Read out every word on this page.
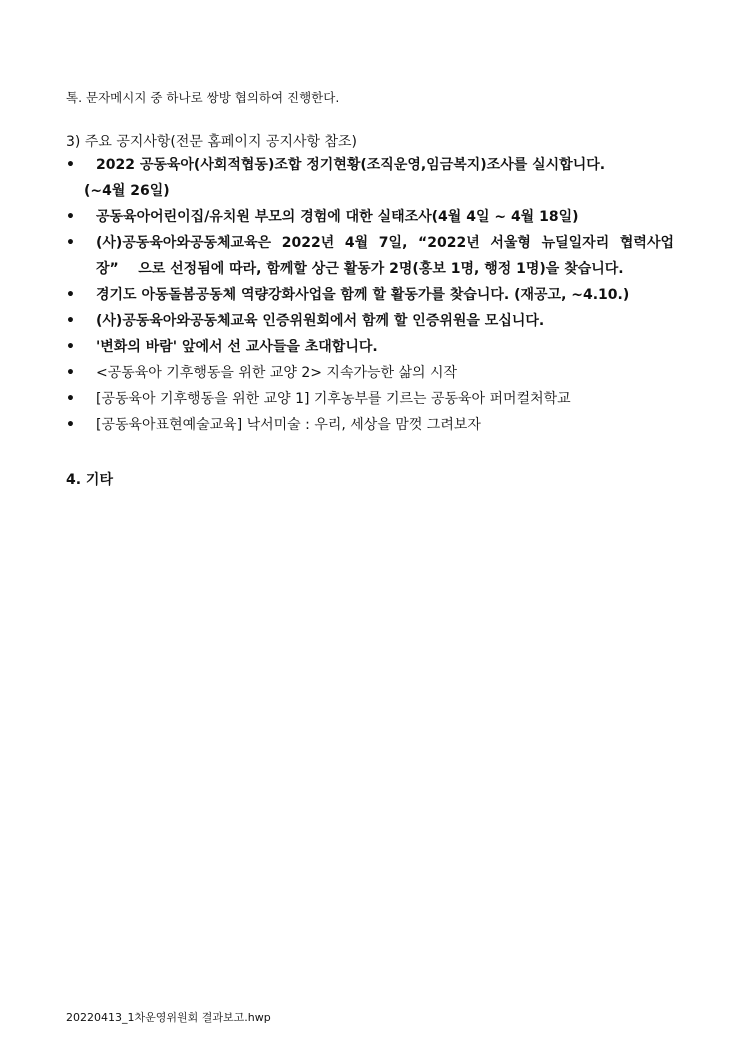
톡. 문자메시지 중 하나로 쌍방 협의하여 진행한다.
3) 주요 공지사항(전문 홈페이지 공지사항 참조)
• 2022 공동육아(사회적협동)조합 정기현황(조직운영,임금복지)조사를 실시합니다.
(~4월 26일)
• 공동육아어린이집/유치원 부모의 경험에 대한 실태조사(4월 4일 ~ 4월 18일)
• (사)공동육아와공동체교육은 2022년 4월 7일, “2022년 서울형 뉴딜일자리 협력사업
장”    으로 선정됨에 따라, 함께할 상근 활동가 2명(홍보 1명, 행정 1명)을 찾습니다.
• 경기도 아동돌봄공동체 역량강화사업을 함께 할 활동가를 찾습니다. (재공고, ~4.10.)
• (사)공동육아와공동체교육 인증위원회에서 함께 할 인증위원을 모십니다.
• '변화의 바람' 앞에서 선 교사들을 초대합니다.
• <공동육아 기후행동을 위한 교양 2> 지속가능한 삶의 시작
• [공동육아 기후행동을 위한 교양 1] 기후농부를 기르는 공동육아 퍼머컬처학교
• [공동육아표현예술교육] 낙서미술 : 우리, 세상을 맘껏 그려보자
4. 기타
20220413_1차운영위원회 결과보고.hwp
